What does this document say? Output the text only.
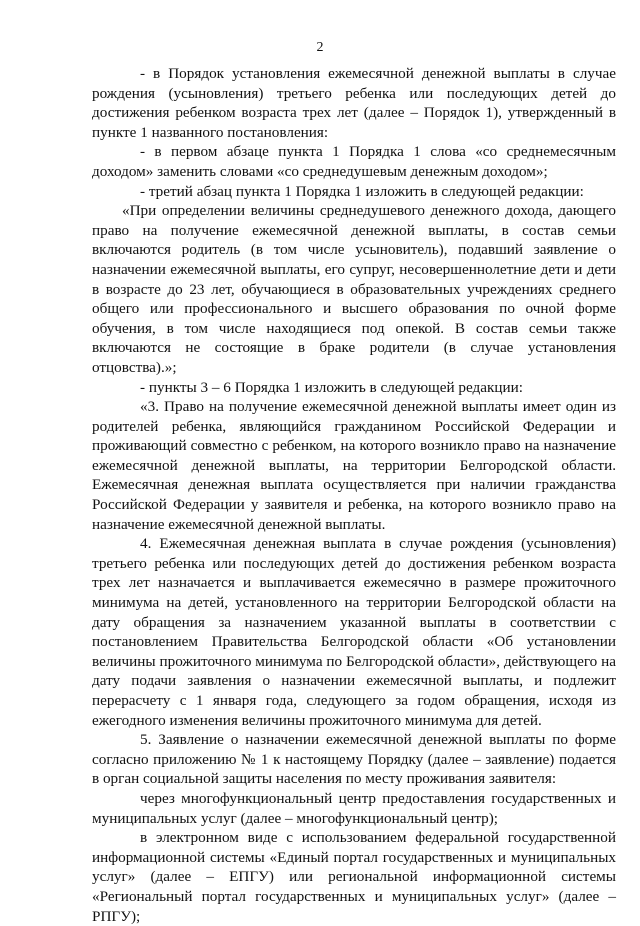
2

- в Порядок установления ежемесячной денежной выплаты в случае рождения (усыновления) третьего ребенка или последующих детей до достижения ребенком возраста трех лет (далее – Порядок 1), утвержденный в пункте 1 названного постановления:

- в первом абзаце пункта 1 Порядка 1 слова «со среднемесячным доходом» заменить словами «со среднедушевым денежным доходом»;

- третий абзац пункта 1 Порядка 1 изложить в следующей редакции:

«При определении величины среднедушевого денежного дохода, дающего право на получение ежемесячной денежной выплаты, в состав семьи включаются родитель (в том числе усыновитель), подавший заявление о назначении ежемесячной выплаты, его супруг, несовершеннолетние дети и дети в возрасте до 23 лет, обучающиеся в образовательных учреждениях среднего общего или профессионального и высшего образования по очной форме обучения, в том числе находящиеся под опекой. В состав семьи также включаются не состоящие в браке родители (в случае установления отцовства).»;

- пункты 3 – 6 Порядка 1 изложить в следующей редакции:

«3. Право на получение ежемесячной денежной выплаты имеет один из родителей ребенка, являющийся гражданином Российской Федерации и проживающий совместно с ребенком, на которого возникло право на назначение ежемесячной денежной выплаты, на территории Белгородской области. Ежемесячная денежная выплата осуществляется при наличии гражданства Российской Федерации у заявителя и ребенка, на которого возникло право на назначение ежемесячной денежной выплаты.

4. Ежемесячная денежная выплата в случае рождения (усыновления) третьего ребенка или последующих детей до достижения ребенком возраста трех лет назначается и выплачивается ежемесячно в размере прожиточного минимума на детей, установленного на территории Белгородской области на дату обращения за назначением указанной выплаты в соответствии с постановлением Правительства Белгородской области «Об установлении величины прожиточного минимума по Белгородской области», действующего на дату подачи заявления о назначении ежемесячной выплаты, и подлежит перерасчету с 1 января года, следующего за годом обращения, исходя из ежегодного изменения величины прожиточного минимума для детей.

5. Заявление о назначении ежемесячной денежной выплаты по форме согласно приложению № 1 к настоящему Порядку (далее – заявление) подается в орган социальной защиты населения по месту проживания заявителя:

через многофункциональный центр предоставления государственных и муниципальных услуг (далее – многофункциональный центр);

в электронном виде с использованием федеральной государственной информационной системы «Единый портал государственных и муниципальных услуг» (далее – ЕПГУ) или региональной информационной системы «Региональный портал государственных и муниципальных услуг» (далее – РПГУ);
